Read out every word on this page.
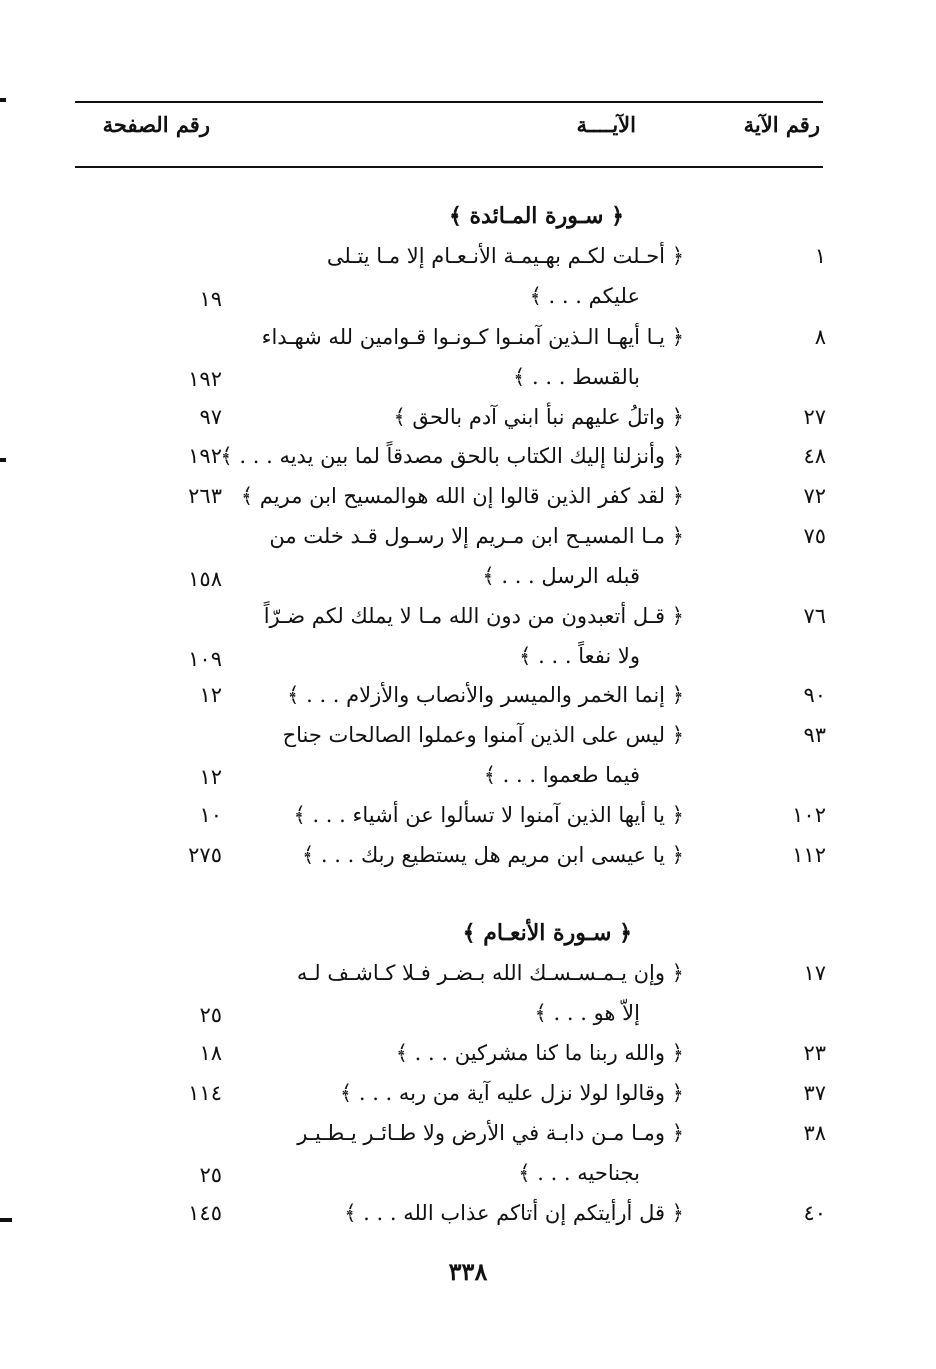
رقم الآية
الآيــــة
رقم الصفحة
﴿ سـورة المـائدة ﴾
١
﴿ أحـلت لكـم بهـيمـة الأنـعـام إلا مـا يتـلى
عليكم . . . ﴾
١٩
٨
﴿ يـا أيهـا الـذين آمنـوا كـونـوا قـوامين لله شهـداء
بالقسط . . . ﴾
١٩٢
٢٧
﴿ واتلُ عليهم نبأ ابني آدم بالحق ﴾
٩٧
٤٨
﴿ وأنزلنا إليك الكتاب بالحق مصدقاً لما بين يديه . . . ﴾
١٩٢
٧٢
﴿ لقد كفر الذين قالوا إن الله هوالمسيح ابن مريم ﴾
٢٦٣
٧٥
﴿ مـا المسيـح ابن مـريم إلا رسـول قـد خلت من
قبله الرسل . . . ﴾
١٥٨
٧٦
﴿ قـل أتعبدون من دون الله مـا لا يملك لكم ضـرّاً
ولا نفعاً . . . ﴾
١٠٩
٩٠
﴿ إنما الخمر والميسر والأنصاب والأزلام . . . ﴾
١٢
٩٣
﴿ ليس على الذين آمنوا وعملوا الصالحات جناح
فيما طعموا . . . ﴾
١٢
١٠٢
﴿ يا أيها الذين آمنوا لا تسألوا عن أشياء . . . ﴾
١٠
١١٢
﴿ يا عيسى ابن مريم هل يستطيع ربك . . . ﴾
٢٧٥
﴿ سـورة الأنعـام ﴾
١٧
﴿ وإن يـمـسـسـك الله بـضـر فـلا كـاشـف لـه
إلاّ هو . . . ﴾
٢٥
٢٣
﴿ والله ربنا ما كنا مشركين . . . ﴾
١٨
٣٧
﴿ وقالوا لولا نزل عليه آية من ربه . . . ﴾
١١٤
٣٨
﴿ ومـا مـن دابـة في الأرض ولا طـائـر يـطـيـر
بجناحيه . . . ﴾
٢٥
٤٠
﴿ قل أرأيتكم إن أتاكم عذاب الله . . . ﴾
١٤٥
٣٣٨
